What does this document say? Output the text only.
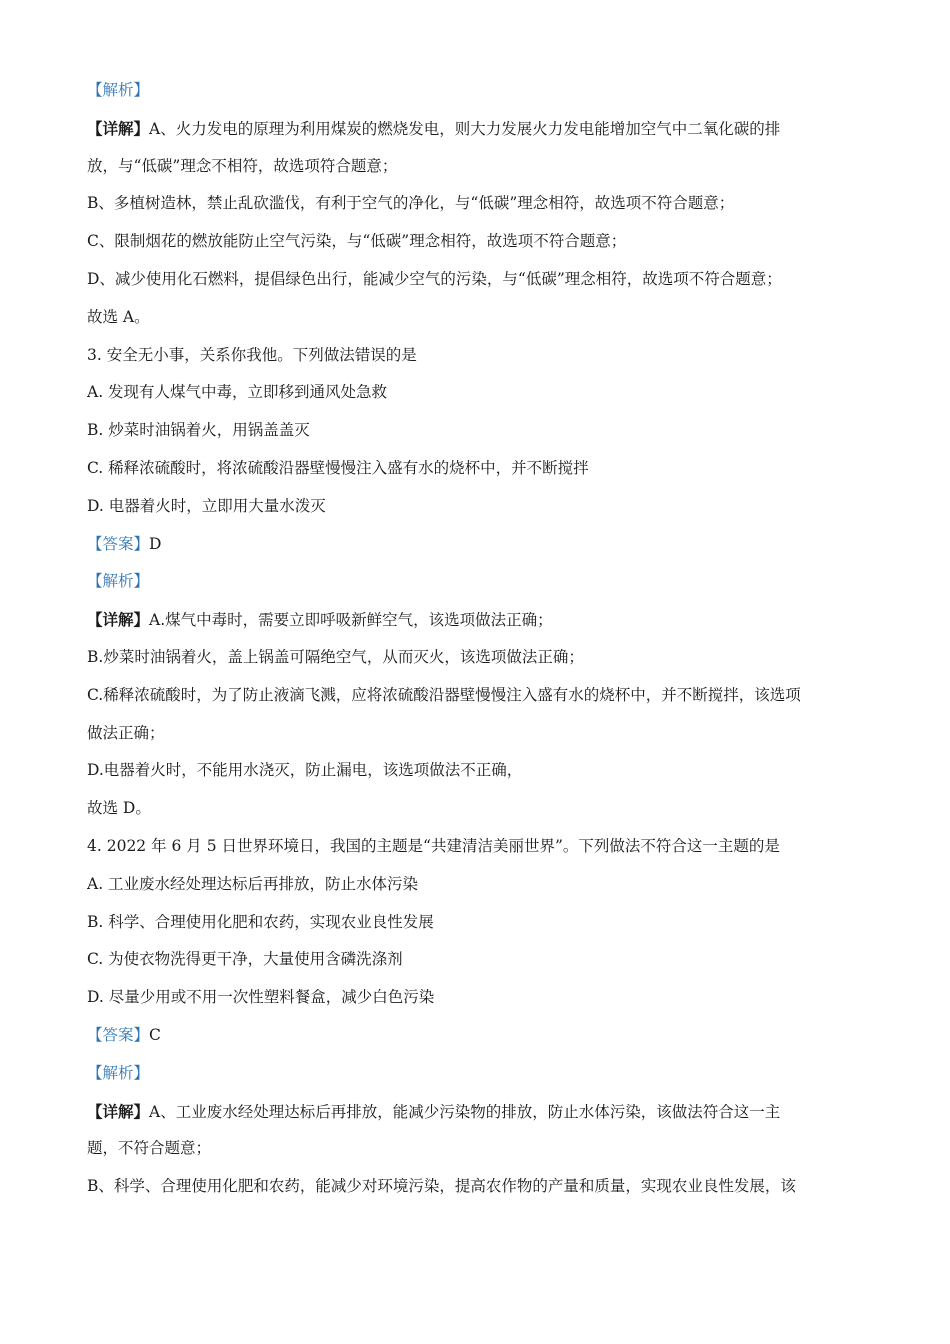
【解析】
【详解】A、火力发电的原理为利用煤炭的燃烧发电，则大力发展火力发电能增加空气中二氧化碳的排
放，与“低碳”理念不相符，故选项符合题意；
B、多植树造林，禁止乱砍滥伐，有利于空气的净化，与“低碳”理念相符，故选项不符合题意；
C、限制烟花的燃放能防止空气污染，与“低碳”理念相符，故选项不符合题意；
D、减少使用化石燃料，提倡绿色出行，能减少空气的污染，与“低碳”理念相符，故选项不符合题意；
故选 A。
3. 安全无小事，关系你我他。下列做法错误的是
A. 发现有人煤气中毒，立即移到通风处急救
B. 炒菜时油锅着火，用锅盖盖灭
C. 稀释浓硫酸时，将浓硫酸沿器壁慢慢注入盛有水的烧杯中，并不断搅拌
D. 电器着火时，立即用大量水泼灭
【答案】D
【解析】
【详解】A.煤气中毒时，需要立即呼吸新鲜空气，该选项做法正确；
B.炒菜时油锅着火，盖上锅盖可隔绝空气，从而灭火，该选项做法正确；
C.稀释浓硫酸时，为了防止液滴飞溅，应将浓硫酸沿器壁慢慢注入盛有水的烧杯中，并不断搅拌，该选项
做法正确；
D.电器着火时，不能用水浇灭，防止漏电，该选项做法不正确，
故选 D。
4. 2022 年 6 月 5 日世界环境日，我国的主题是“共建清洁美丽世界”。下列做法不符合这一主题的是
A. 工业废水经处理达标后再排放，防止水体污染
B. 科学、合理使用化肥和农药，实现农业良性发展
C. 为使衣物洗得更干净，大量使用含磷洗涤剂
D. 尽量少用或不用一次性塑料餐盒，减少白色污染
【答案】C
【解析】
【详解】A、工业废水经处理达标后再排放，能减少污染物的排放，防止水体污染，该做法符合这一主
题，不符合题意；
B、科学、合理使用化肥和农药，能减少对环境污染，提高农作物的产量和质量，实现农业良性发展，该
